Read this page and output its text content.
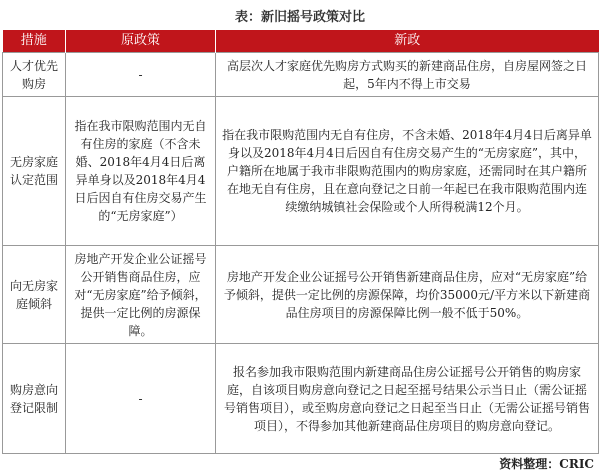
表：新旧摇号政策对比
措施	原政策	新政
人才优先购房	-	高层次人才家庭优先购房方式购买的新建商品住房，自房屋网签之日起，5年内不得上市交易
无房家庭认定范围	指在我市限购范围内无自有住房的家庭（不含未婚、2018年4月4日后离异单身以及2018年4月4日后因自有住房交易产生的“无房家庭”）	指在我市限购范围内无自有住房，不含未婚、2018年4月4日后离异单身以及2018年4月4日后因自有住房交易产生的“无房家庭”，其中，户籍所在地属于我市非限购范围内的购房家庭，还需同时在其户籍所在地无自有住房，且在意向登记之日前一年起已在我市限购范围内连续缴纳城镇社会保险或个人所得税满12个月。
向无房家庭倾斜	房地产开发企业公证摇号公开销售商品住房，应对“无房家庭”给予倾斜，提供一定比例的房源保障。	房地产开发企业公证摇号公开销售新建商品住房，应对“无房家庭”给予倾斜，提供一定比例的房源保障，均价35000元/平方米以下新建商品住房项目的房源保障比例一般不低于50%。
购房意向登记限制	-	报名参加我市限购范围内新建商品住房公证摇号公开销售的购房家庭，自该项目购房意向登记之日起至摇号结果公示当日止（需公证摇号销售项目），或至购房意向登记之日起至当日止（无需公证摇号销售项目），不得参加其他新建商品住房项目的购房意向登记。
资料整理：CRIC
